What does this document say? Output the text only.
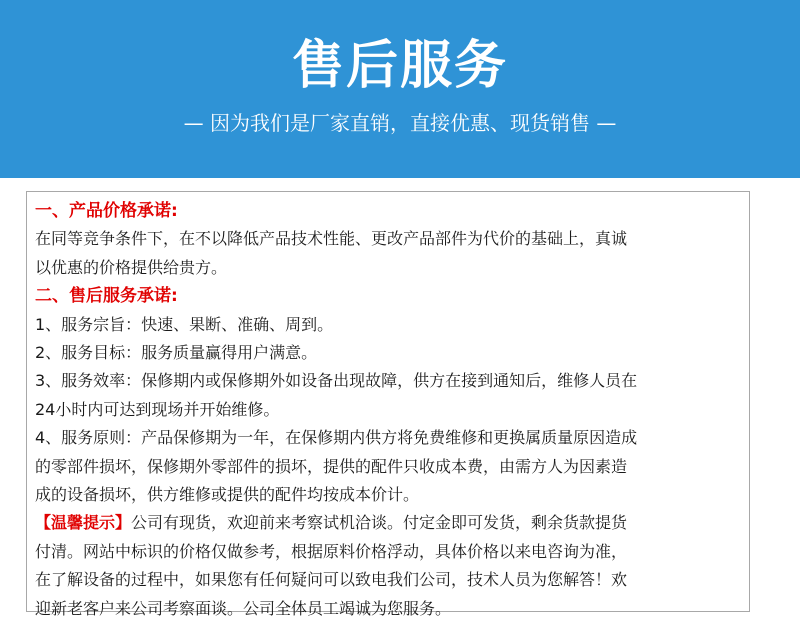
售后服务
— 因为我们是厂家直销，直接优惠、现货销售 —
一、产品价格承诺:
在同等竞争条件下，在不以降低产品技术性能、更改产品部件为代价的基础上，真诚
以优惠的价格提供给贵方。
二、售后服务承诺:
1、服务宗旨：快速、果断、准确、周到。
2、服务目标：服务质量赢得用户满意。
3、服务效率：保修期内或保修期外如设备出现故障，供方在接到通知后，维修人员在
24小时内可达到现场并开始维修。
4、服务原则：产品保修期为一年，在保修期内供方将免费维修和更换属质量原因造成
的零部件损坏，保修期外零部件的损坏，提供的配件只收成本费，由需方人为因素造
成的设备损坏，供方维修或提供的配件均按成本价计。
【温馨提示】公司有现货，欢迎前来考察试机洽谈。付定金即可发货，剩余货款提货
付清。网站中标识的价格仅做参考，根据原料价格浮动，具体价格以来电咨询为准，
在了解设备的过程中，如果您有任何疑问可以致电我们公司，技术人员为您解答！欢
迎新老客户来公司考察面谈。公司全体员工竭诚为您服务。
